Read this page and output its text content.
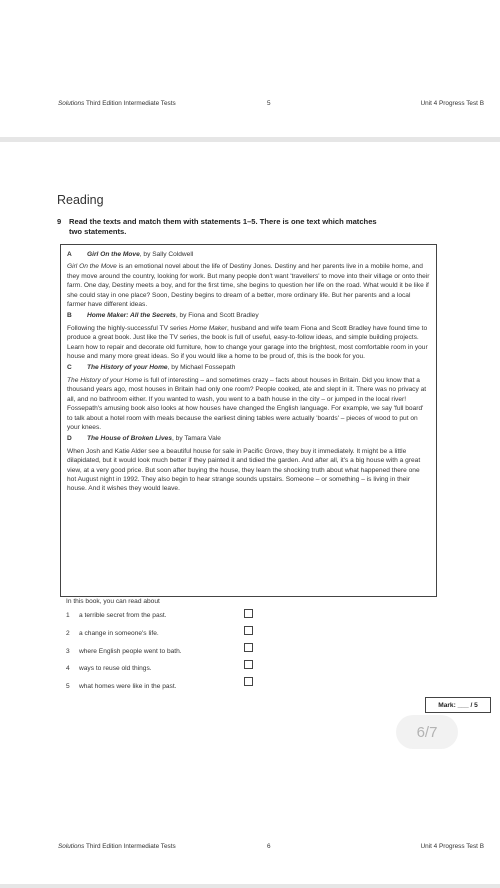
Solutions Third Edition Intermediate Tests	5	Unit 4 Progress Test B
Reading
9 Read the texts and match them with statements 1–5. There is one text which matches
two statements.
A	Girl On the Move, by Sally Coldwell
Girl On the Move is an emotional novel about the life of Destiny Jones. Destiny and her parents live in a mobile home, and they move around the country, looking for work. But many people don't want 'travellers' to move into their village or onto their farm. One day, Destiny meets a boy, and for the first time, she begins to question her life on the road. What would it be like if she could stay in one place? Soon, Destiny begins to dream of a better, more ordinary life. But her parents and a local farmer have different ideas.
B	Home Maker: All the Secrets, by Fiona and Scott Bradley
Following the highly-successful TV series Home Maker, husband and wife team Fiona and Scott Bradley have found time to produce a great book. Just like the TV series, the book is full of useful, easy-to-follow ideas, and simple building projects. Learn how to repair and decorate old furniture, how to change your garage into the brightest, most comfortable room in your house and many more great ideas. So if you would like a home to be proud of, this is the book for you.
C	The History of your Home, by Michael Fossepath
The History of your Home is full of interesting – and sometimes crazy – facts about houses in Britain. Did you know that a thousand years ago, most houses in Britain had only one room? People cooked, ate and slept in it. There was no privacy at all, and no bathroom either. If you wanted to wash, you went to a bath house in the city – or jumped in the local river! Fossepath's amusing book also looks at how houses have changed the English language. For example, we say 'full board' to talk about a hotel room with meals because the earliest dining tables were actually 'boards' – pieces of wood to put on your knees.
D	The House of Broken Lives, by Tamara Vale
When Josh and Katie Alder see a beautiful house for sale in Pacific Grove, they buy it immediately. It might be a little dilapidated, but it would look much better if they painted it and tidied the garden. And after all, it's a big house with a great view, at a very good price. But soon after buying the house, they learn the shocking truth about what happened there one hot August night in 1992. They also begin to hear strange sounds upstairs. Someone – or something – is living in their house. And it wishes they would leave.
In this book, you can read about
1	a terrible secret from the past.
2	a change in someone's life.
3	where English people went to bath.
4	ways to reuse old things.
5	what homes were like in the past.
Mark: ___ / 5
6/7
Solutions Third Edition Intermediate Tests	6	Unit 4 Progress Test B
